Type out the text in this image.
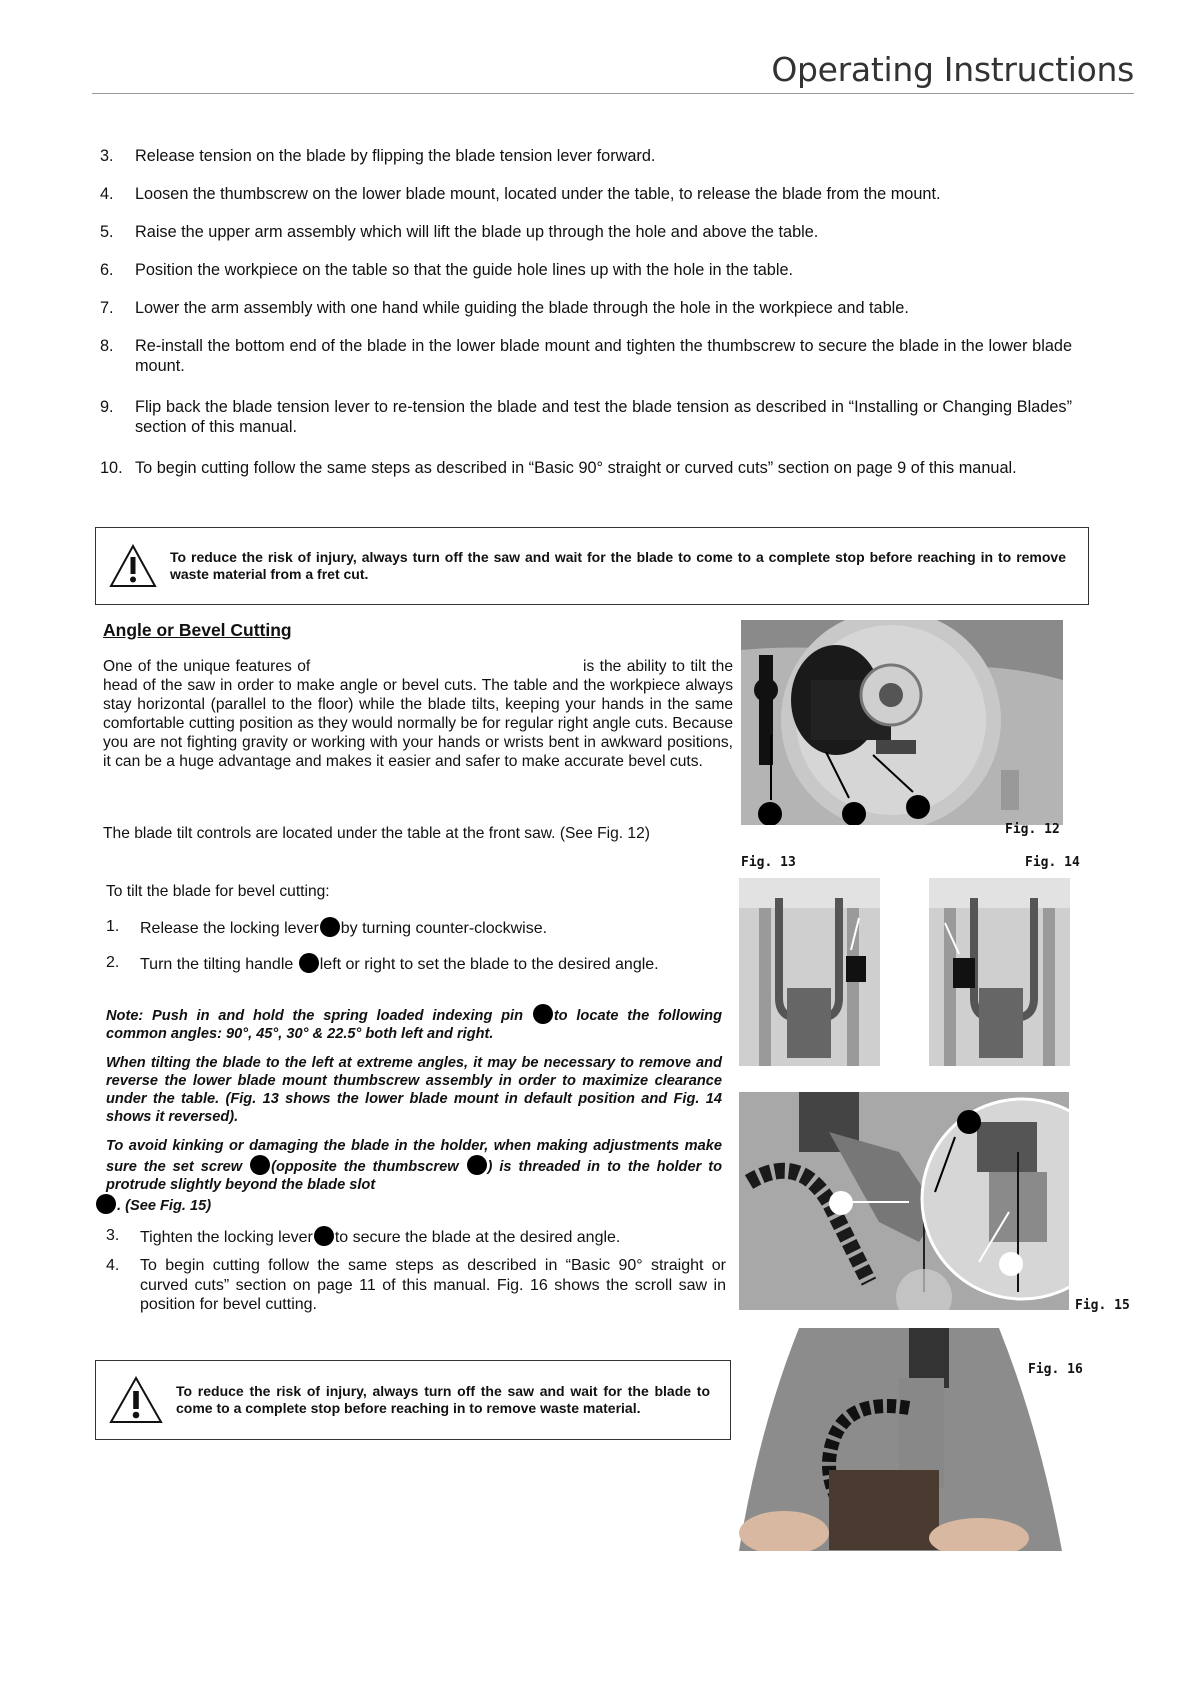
Operating Instructions
3.	Release tension on the blade by flipping the blade tension lever forward.
4.	Loosen the thumbscrew on the lower blade mount, located under the table, to release the blade from the mount.
5.	Raise the upper arm assembly which will lift the blade up through the hole and above the table.
6.	Position the workpiece on the table so that the guide hole lines up with the hole in the table.
7.	Lower the arm assembly with one hand while guiding the blade through the hole in the workpiece and table.
8.	Re-install the bottom end of the blade in the lower blade mount and tighten the thumbscrew to secure the blade in the lower blade mount.
9.	Flip back the blade tension lever to re-tension the blade and test the blade tension as described in “Installing or Changing Blades” section of this manual.
10. To begin cutting follow the same steps as described in “Basic 90° straight or curved cuts” section on page 9 of this manual.
To reduce the risk of injury, always turn off the saw and wait for the blade to come to a complete stop before reaching in to remove waste material from a fret cut.
Angle or Bevel Cutting
One of the unique features of	is the ability to tilt the head of the saw in order to make angle or bevel cuts. The table and the workpiece always stay horizontal (parallel to the floor) while the blade tilts, keeping your hands in the same comfortable cutting position as they would normally be for regular right angle cuts. Because you are not fighting gravity or working with your hands or wrists bent in awkward positions, it can be a huge advantage and makes it easier and safer to make accurate bevel cuts.
The blade tilt controls are located under the table at the front saw. (See Fig. 12)
To tilt the blade for bevel cutting:
1.	Release the locking lever by turning counter-clockwise.
2.	Turn the tilting handle left or right to set the blade to the desired angle.
Note: Push in and hold the spring loaded indexing pin to locate the following common angles: 90°, 45°, 30° & 22.5° both left and right.
When tilting the blade to the left at extreme angles, it may be necessary to remove and reverse the lower blade mount thumbscrew assembly in order to maximize clearance under the table. (Fig. 13 shows the lower blade mount in default position and Fig. 14 shows it reversed).
To avoid kinking or damaging the blade in the holder, when making adjustments make sure the set screw (opposite the thumbscrew ) is threaded in to the holder to protrude slightly beyond the blade slot
. (See Fig. 15)
3.	Tighten the locking lever to secure the blade at the desired angle.
4.	To begin cutting follow the same steps as described in “Basic 90° straight or curved cuts” section on page 11 of this manual. Fig. 16 shows the scroll saw in position for bevel cutting.
To reduce the risk of injury, always turn off the saw and wait for the blade to come to a complete stop before reaching in to remove waste material.
Fig. 12
Fig. 13	Fig. 14
Fig. 15
Fig. 16
